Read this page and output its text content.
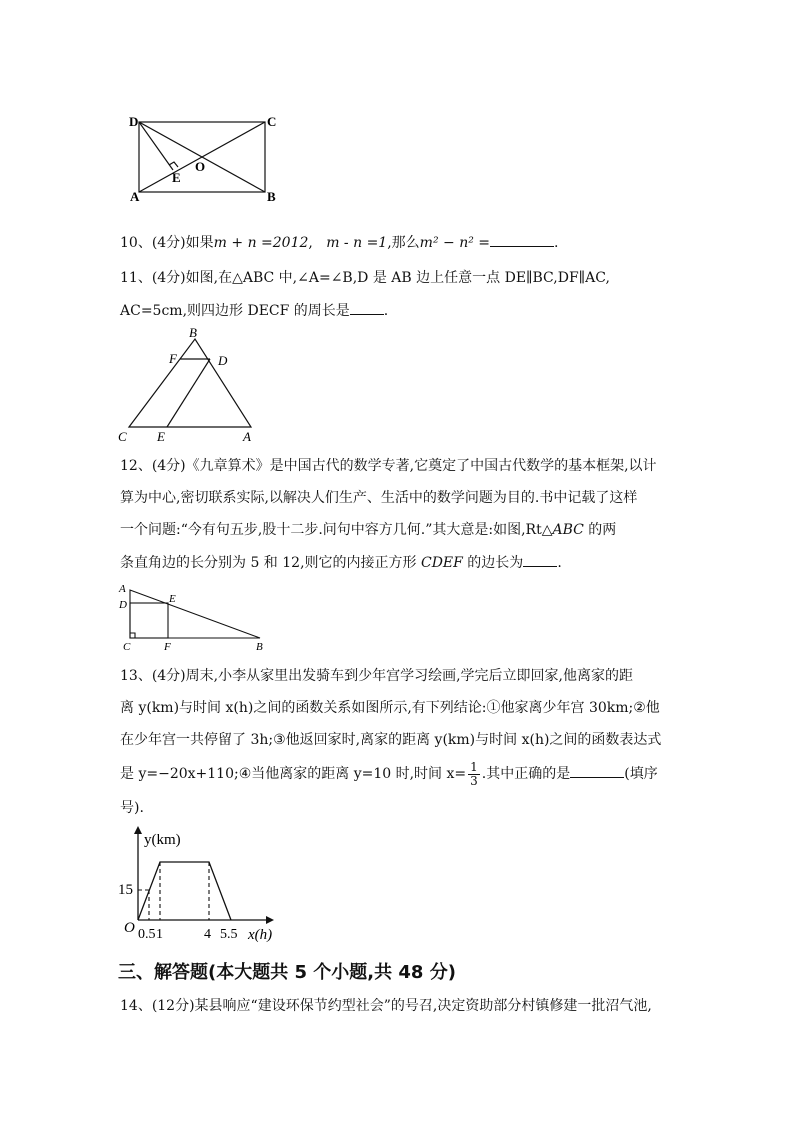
D	C
O
E
A	B
10、(4分)如果m + n =2012, m - n =1,那么m² − n² =	.
11、(4分)如图,在△ABC 中,∠A=∠B,D 是 AB 边上任意一点 DE∥BC,DF∥AC,
AC=5cm,则四边形 DECF 的周长是 .
B
F	D
C E	A
12、(4分)《九章算术》是中国古代的数学专著,它奠定了中国古代数学的基本框架,以计
算为中心,密切联系实际,以解决人们生产、生活中的数学问题为目的.书中记载了这样
一个问题:“今有句五步,股十二步.问句中容方几何.”其大意是:如图,Rt△ABC 的两
条直角边的长分别为 5 和 12,则它的内接正方形 CDEF 的边长为 .
A
D	E
C	F	B
13、(4分)周末,小李从家里出发骑车到少年宫学习绘画,学完后立即回家,他离家的距
离 y(km)与时间 x(h)之间的函数关系如图所示,有下列结论:①他家离少年宫 30km;②他
在少年宫一共停留了 3h;③他返回家时,离家的距离 y(km)与时间 x(h)之间的函数表达式
是 y=−20x+110;④当他离家的距离 y=10 时,时间 $x= \frac{1}{3}$ .其中正确的是	(填序
号).
y(km)
15
O 0.5 1	4 5.5 x(h)
三、解答题(本大题共 5 个小题,共 48 分)
14、(12分)某县响应“建设环保节约型社会”的号召,决定资助部分村镇修建一批沼气池,
